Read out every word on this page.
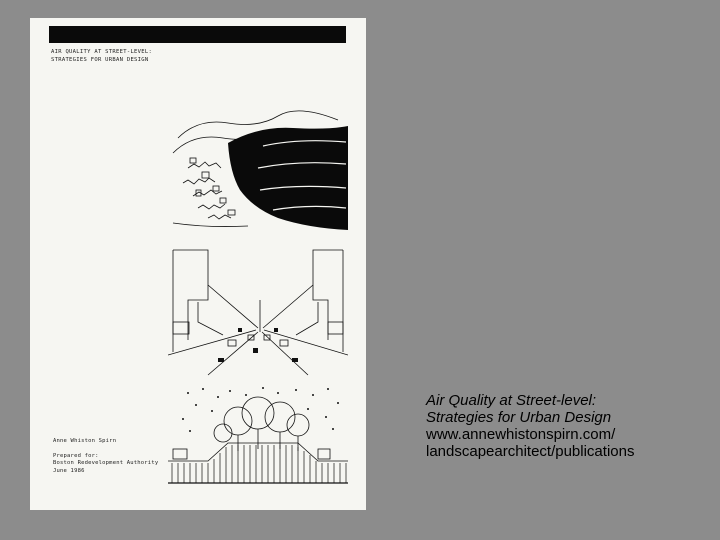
AIR QUALITY AT STREET-LEVEL:
STRATEGIES FOR URBAN DESIGN
Anne Whiston Spirn
Prepared for:
Boston Redevelopment Authority
June 1986
Air Quality at Street-level:
Strategies for Urban Design
www.annewhistonspirn.com/
landscapearchitect/publications
